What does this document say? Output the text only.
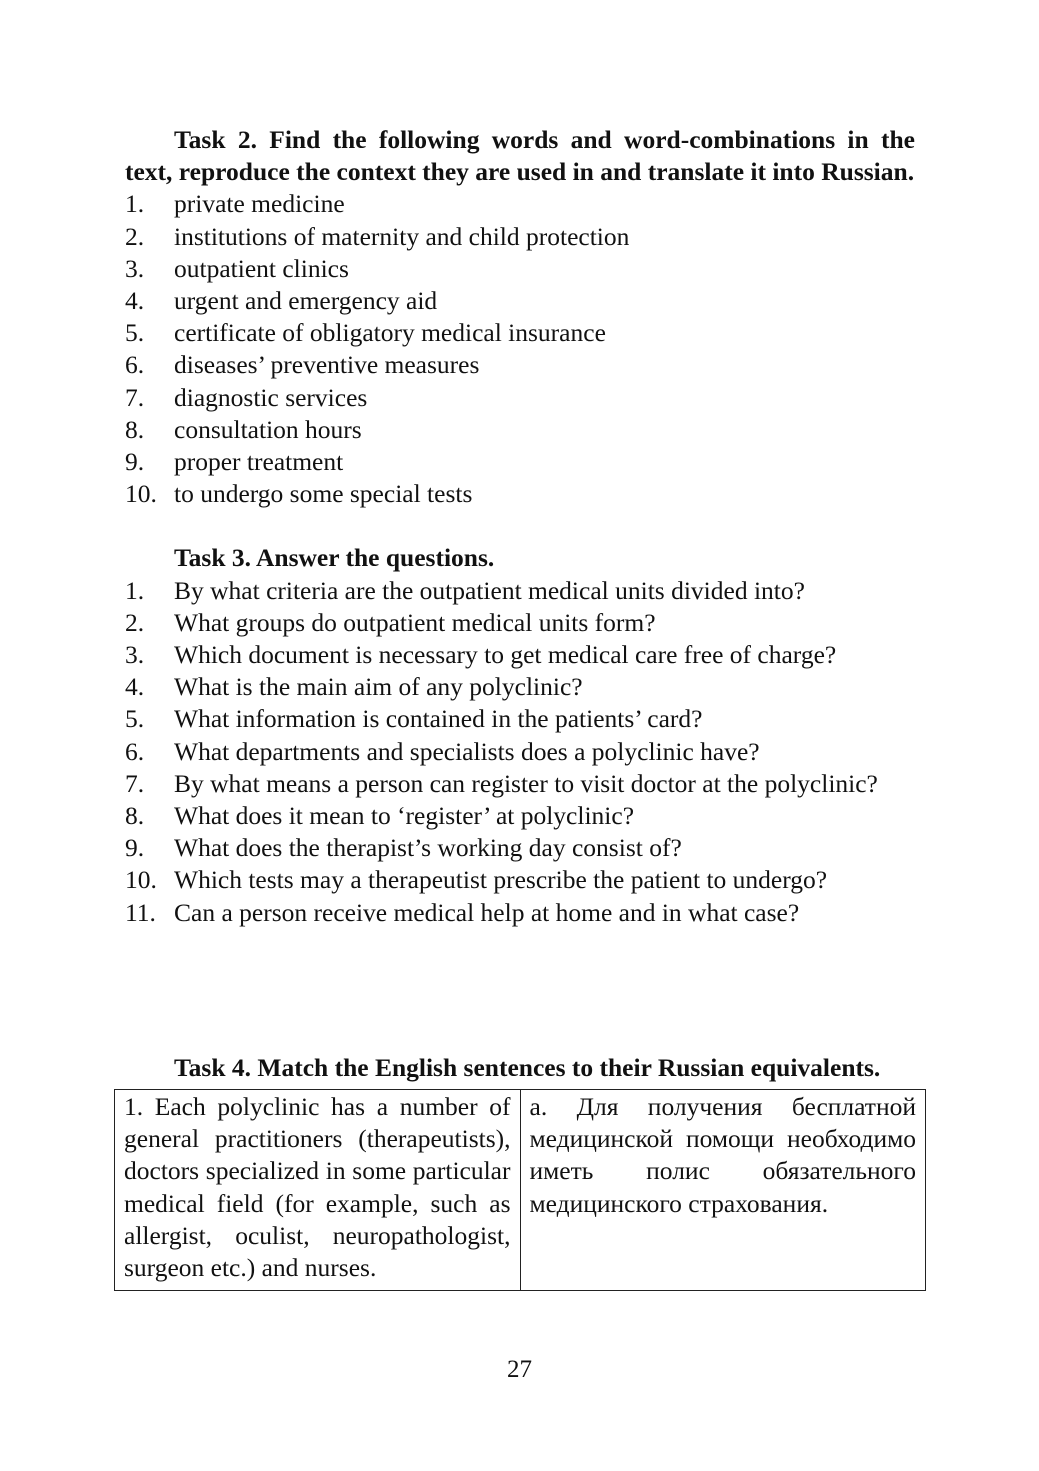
Task 2. Find the following words and word-combinations in the text, reproduce the context they are used in and translate it into Russian.

1. private medicine
2. institutions of maternity and child protection
3. outpatient clinics
4. urgent and emergency aid
5. certificate of obligatory medical insurance
6. diseases’ preventive measures
7. diagnostic services
8. consultation hours
9. proper treatment
10. to undergo some special tests

Task 3. Answer the questions.

1. By what criteria are the outpatient medical units divided into?
2. What groups do outpatient medical units form?
3. Which document is necessary to get medical care free of charge?
4. What is the main aim of any polyclinic?
5. What information is contained in the patients’ card?
6. What departments and specialists does a polyclinic have?
7. By what means a person can register to visit doctor at the polyclinic?
8. What does it mean to ‘register’ at polyclinic?
9. What does the therapist’s working day consist of?
10. Which tests may a therapeutist prescribe the patient to undergo?
11. Can a person receive medical help at home and in what case?

Task 4. Match the English sentences to their Russian equivalents.

1. Each polyclinic has a number of general practitioners (therapeutists), doctors specialized in some particular medical field (for example, such as allergist, oculist, neuropathologist, surgeon etc.) and nurses.	а. Для получения бесплатной медицинской помощи необходимо иметь полис обязательного медицинского страхования.
27
